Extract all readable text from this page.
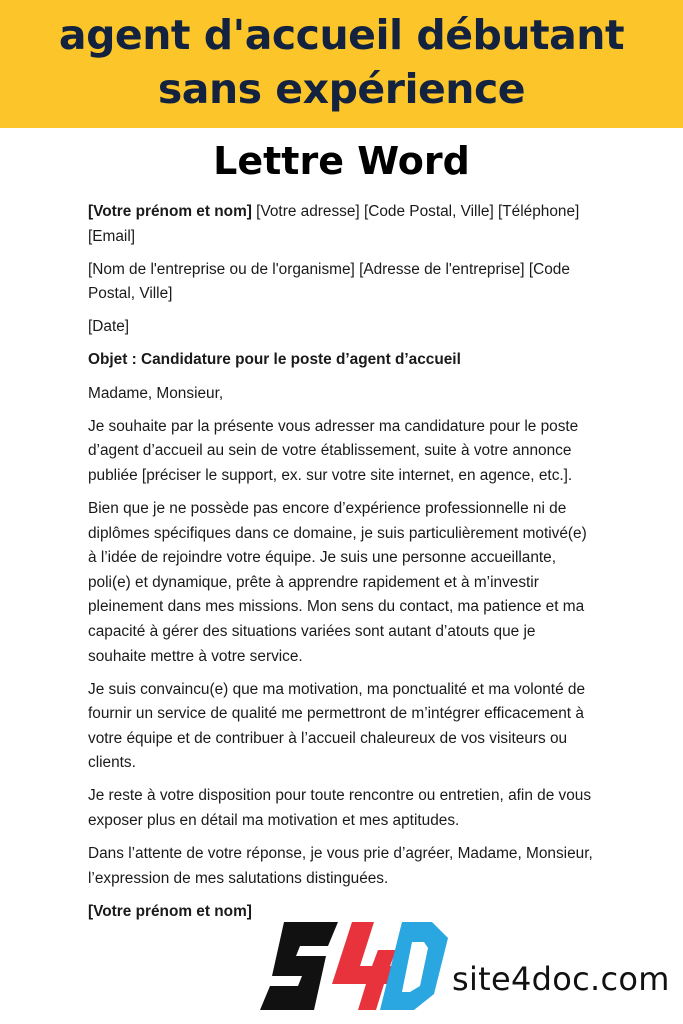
agent d'accueil débutant
sans expérience
Lettre Word

[Votre prénom et nom] [Votre adresse] [Code Postal, Ville] [Téléphone] [Email]

[Nom de l'entreprise ou de l'organisme] [Adresse de l'entreprise] [Code Postal, Ville]

[Date]

Objet : Candidature pour le poste d’agent d’accueil

Madame, Monsieur,

Je souhaite par la présente vous adresser ma candidature pour le poste d’agent d’accueil au sein de votre établissement, suite à votre annonce publiée [préciser le support, ex. sur votre site internet, en agence, etc.].

Bien que je ne possède pas encore d’expérience professionnelle ni de diplômes spécifiques dans ce domaine, je suis particulièrement motivé(e) à l’idée de rejoindre votre équipe. Je suis une personne accueillante, poli(e) et dynamique, prête à apprendre rapidement et à m’investir pleinement dans mes missions. Mon sens du contact, ma patience et ma capacité à gérer des situations variées sont autant d’atouts que je souhaite mettre à votre service.

Je suis convaincu(e) que ma motivation, ma ponctualité et ma volonté de fournir un service de qualité me permettront de m’intégrer efficacement à votre équipe et de contribuer à l’accueil chaleureux de vos visiteurs ou clients.

Je reste à votre disposition pour toute rencontre ou entretien, afin de vous exposer plus en détail ma motivation et mes aptitudes.

Dans l’attente de votre réponse, je vous prie d’agréer, Madame, Monsieur, l’expression de mes salutations distinguées.

[Votre prénom et nom]

site4doc.com
